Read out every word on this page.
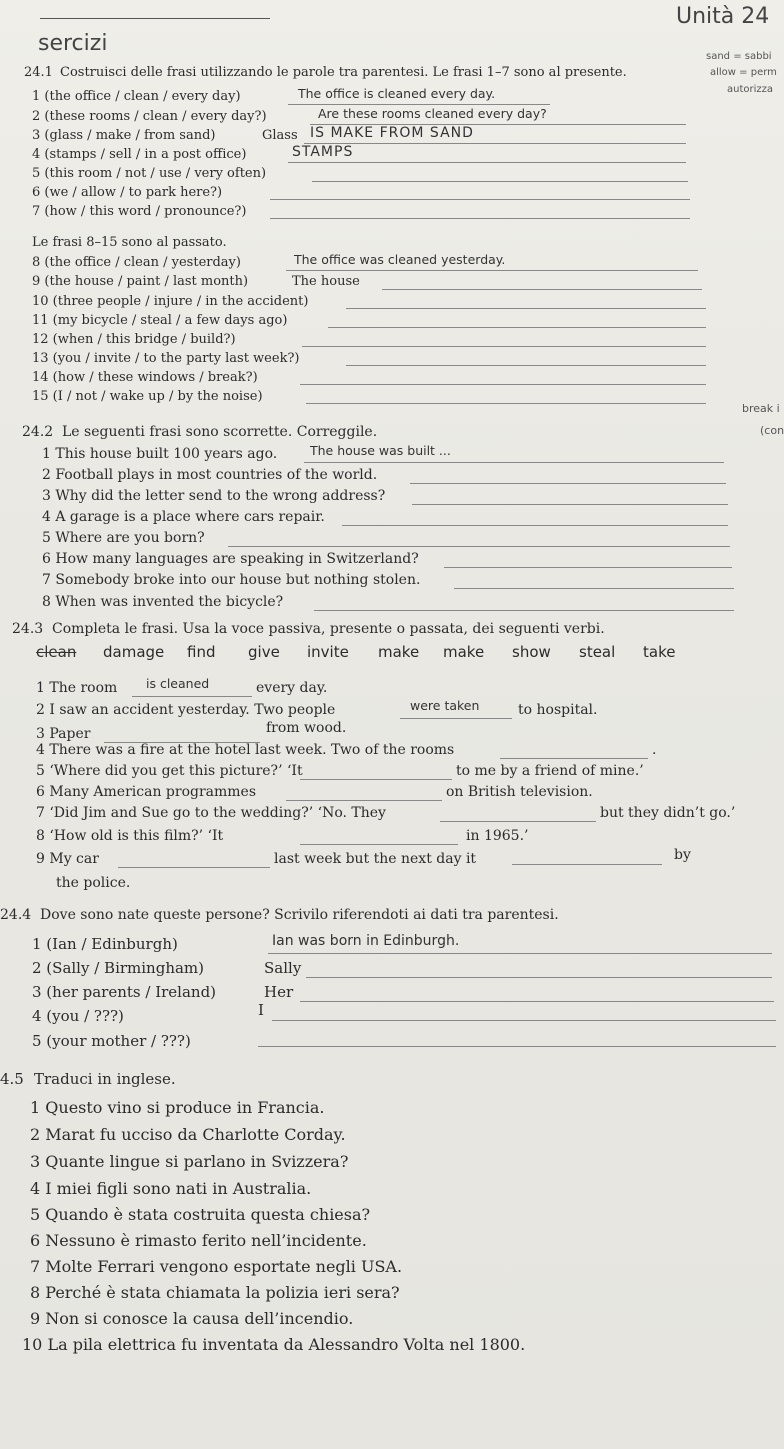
Unità 24
sercizi
sand = sabbi
allow = perm
autorizza
break i
(con
24.1 Costruisci delle frasi utilizzando le parole tra parentesi. Le frasi 1–7 sono al presente.
1 (the office / clean / every day)	The office is cleaned every day.
2 (these rooms / clean / every day?)	Are these rooms cleaned every day?
3 (glass / make / from sand)	Glass IS MAKE FROM SAND
4 (stamps / sell / in a post office)	STAMPS
5 (this room / not / use / very often)
6 (we / allow / to park here?)
7 (how / this word / pronounce?)
Le frasi 8–15 sono al passato.
8 (the office / clean / yesterday)	The office was cleaned yesterday.
9 (the house / paint / last month)	The house
10 (three people / injure / in the accident)
11 (my bicycle / steal / a few days ago)
12 (when / this bridge / build?)
13 (you / invite / to the party last week?)
14 (how / these windows / break?)
15 (I / not / wake up / by the noise)
24.2 Le seguenti frasi sono scorrette. Correggile.
1 This house built 100 years ago.	The house was built ...
2 Football plays in most countries of the world.
3 Why did the letter send to the wrong address?
4 A garage is a place where cars repair.
5 Where are you born?
6 How many languages are speaking in Switzerland?
7 Somebody broke into our house but nothing stolen.
8 When was invented the bicycle?
24.3 Completa le frasi. Usa la voce passiva, presente o passata, dei seguenti verbi.
clean damage find give invite make make show steal take
1 The room is cleaned	every day.
2 I saw an accident yesterday. Two people	were taken	to hospital.
3 Paper	from wood.
4 There was a fire at the hotel last week. Two of the rooms	.
5 ‘Where did you get this picture?’ ‘It	to me by a friend of mine.’
6 Many American programmes	on British television.
7 ‘Did Jim and Sue go to the wedding?’ ‘No. They	but they didn’t go.’
8 ‘How old is this film?’ ‘It	in 1965.’
9 My car	last week but the next day it	by
the police.
24.4 Dove sono nate queste persone? Scrivilo riferendoti ai dati tra parentesi.
1 (Ian / Edinburgh)	Ian was born in Edinburgh.
2 (Sally / Birmingham)	Sally
3 (her parents / Ireland)	Her
4 (you / ???)	I
5 (your mother / ???)
4.5 Traduci in inglese.
1 Questo vino si produce in Francia.
2 Marat fu ucciso da Charlotte Corday.
3 Quante lingue si parlano in Svizzera?
4 I miei figli sono nati in Australia.
5 Quando è stata costruita questa chiesa?
6 Nessuno è rimasto ferito nell’incidente.
7 Molte Ferrari vengono esportate negli USA.
8 Perché è stata chiamata la polizia ieri sera?
9 Non si conosce la causa dell’incendio.
10 La pila elettrica fu inventata da Alessandro Volta nel 1800.
